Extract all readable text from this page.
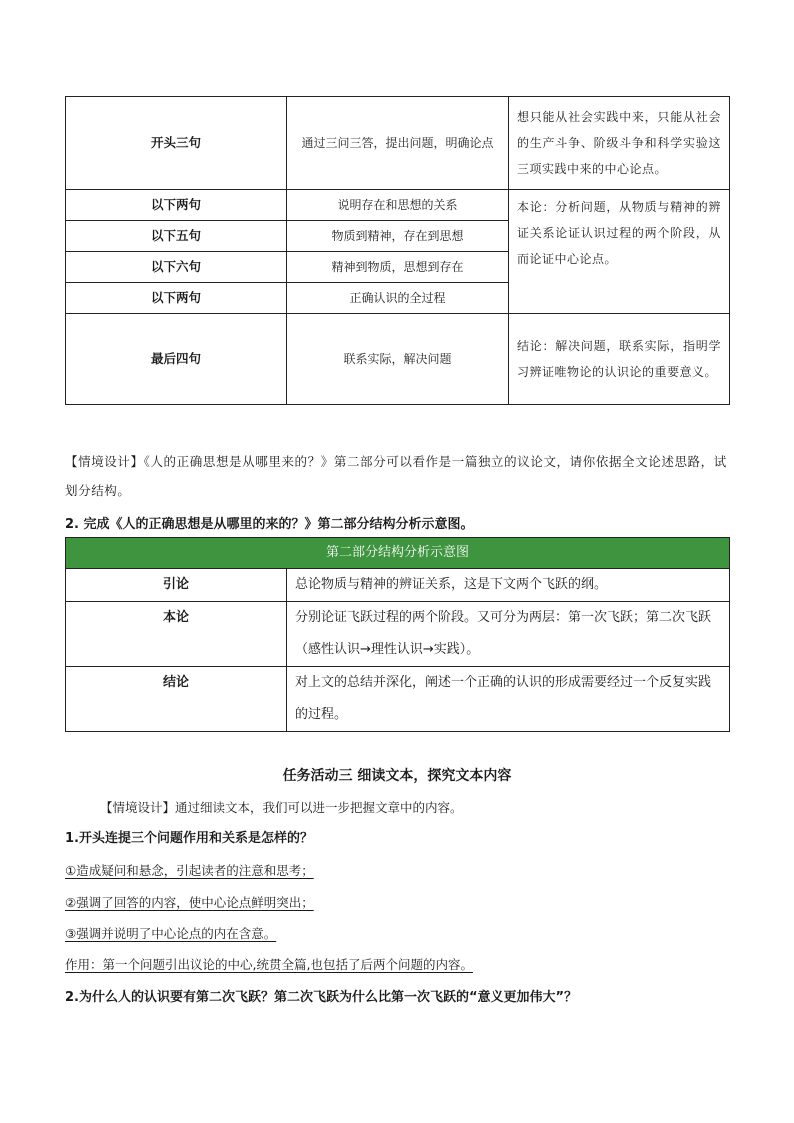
开头三句	通过三问三答，提出问题，明确论点	想只能从社会实践中来，只能从社会的生产斗争、阶级斗争和科学实验这三项实践中来的中心论点。
以下两句	说明存在和思想的关系	本论：分析问题，从物质与精神的辨证关系论证认识过程的两个阶段，从而论证中心论点。
以下五句	物质到精神，存在到思想	
以下六句	精神到物质，思想到存在	
以下两句	正确认识的全过程	
最后四句	联系实际，解决问题	结论：解决问题，联系实际，指明学习辨证唯物论的认识论的重要意义。
【情境设计】《人的正确思想是从哪里来的？》第二部分可以看作是一篇独立的议论文，请你依据全文论述思路，试划分结构。
2. 完成《人的正确思想是从哪里的来的？》第二部分结构分析示意图。
第二部分结构分析示意图	
引论	总论物质与精神的辨证关系，这是下文两个飞跃的纲。
本论	分别论证飞跃过程的两个阶段。又可分为两层：第一次飞跃；第二次飞跃（感性认识→理性认识→实践）。
结论	对上文的总结并深化，阐述一个正确的认识的形成需要经过一个反复实践的过程。
任务活动三 细读文本，探究文本内容
【情境设计】通过细读文本，我们可以进一步把握文章中的内容。
1.开头连提三个问题作用和关系是怎样的？
①造成疑问和悬念，引起读者的注意和思考；
②强调了回答的内容，使中心论点鲜明突出；
③强调并说明了中心论点的内在含意。
作用：第一个问题引出议论的中心,统贯全篇,也包括了后两个问题的内容。
2.为什么人的认识要有第二次飞跃？第二次飞跃为什么比第一次飞跃的“意义更加伟大”？
